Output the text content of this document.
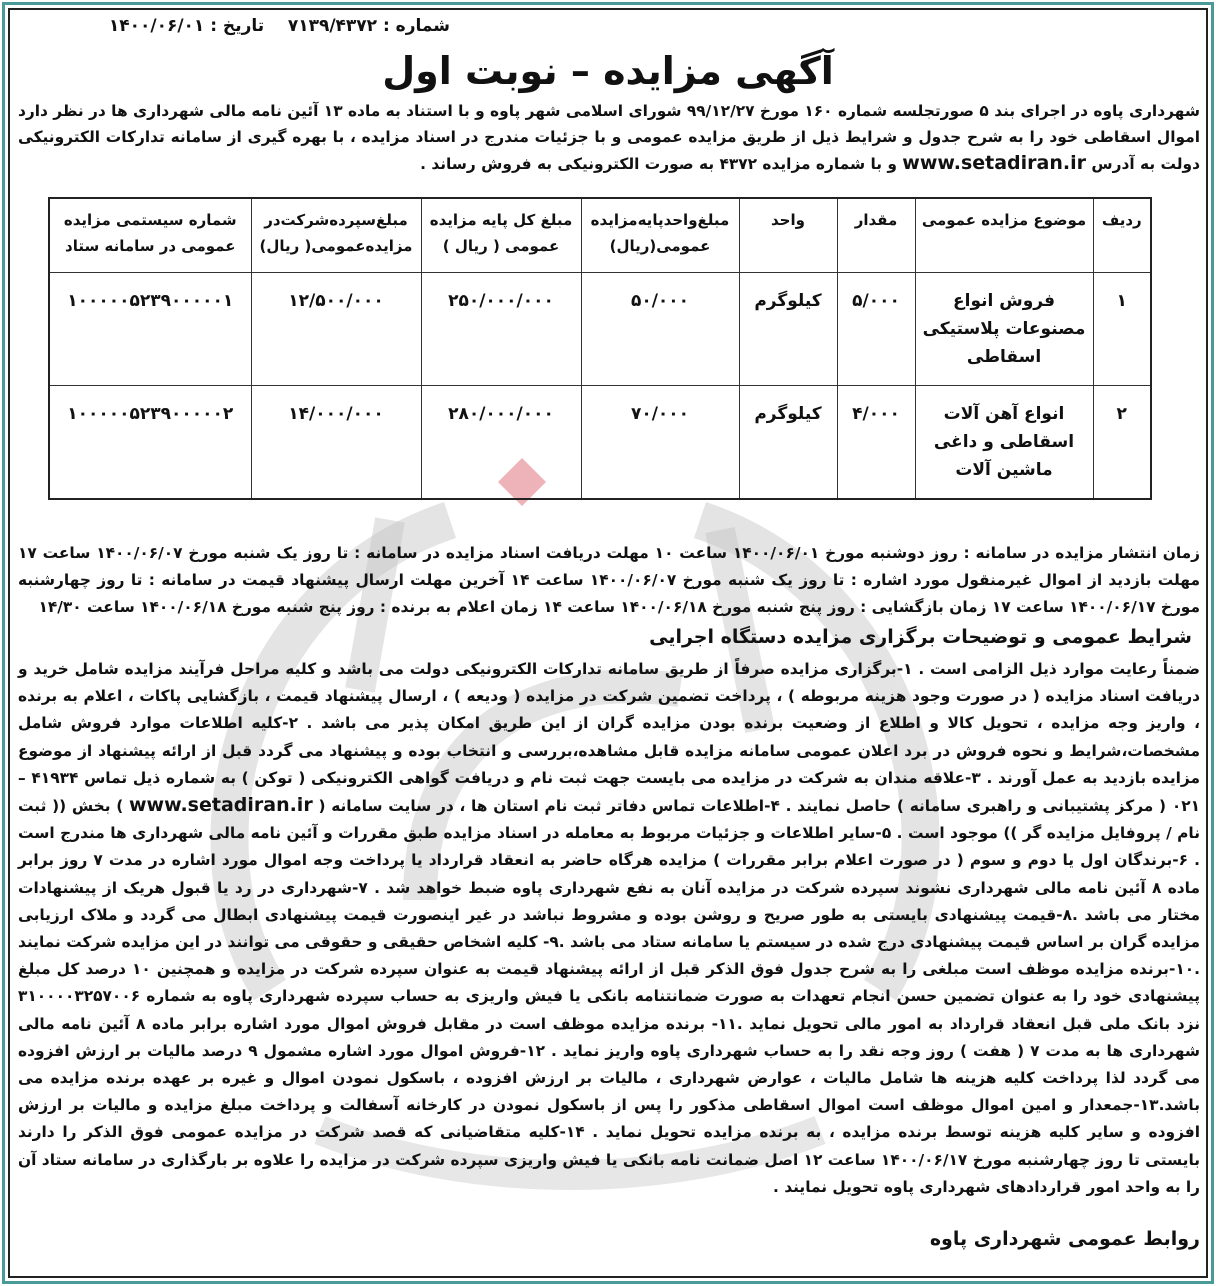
شماره : ۷۱۳۹/۴۳۷۲    تاریخ : ۱۴۰۰/۰۶/۰۱
آگهی مزایده – نوبت اول
شهرداری پاوه در اجرای بند ۵ صورتجلسه شماره ۱۶۰ مورخ ۹۹/۱۲/۲۷ شورای اسلامی شهر پاوه و با استناد به ماده ۱۳ آئین نامه مالی شهرداری ها در نظر دارد اموال اسقاطی خود را به شرح جدول و شرایط ذیل از طریق مزایده عمومی و با جزئیات مندرج در اسناد مزایده ، با بهره گیری از سامانه تدارکات الکترونیکی دولت به آدرس www.setadiran.ir و با شماره مزایده ۴۳۷۲ به صورت الکترونیکی به فروش رساند .
ردیف	موضوع مزایده عمومی	مقدار	واحد	مبلغ‌واحدپایه‌مزایده عمومی(ریال)	مبلغ کل پایه مزایده عمومی ( ریال )	مبلغ‌سپرده‌شرکت‌در مزایده‌عمومی( ریال)	شماره سیستمی مزایده عمومی در سامانه ستاد
۱	فروش انواع مصنوعات پلاستیکی اسقاطی	۵/۰۰۰	کیلوگرم	۵۰/۰۰۰	۲۵۰/۰۰۰/۰۰۰	۱۲/۵۰۰/۰۰۰	۱۰۰۰۰۰۵۲۳۹۰۰۰۰۰۱
۲	انواع آهن آلات اسقاطی و داغی ماشین آلات	۴/۰۰۰	کیلوگرم	۷۰/۰۰۰	۲۸۰/۰۰۰/۰۰۰	۱۴/۰۰۰/۰۰۰	۱۰۰۰۰۰۵۲۳۹۰۰۰۰۰۲
زمان انتشار مزایده در سامانه : روز دوشنبه مورخ ۱۴۰۰/۰۶/۰۱ ساعت ۱۰ مهلت دریافت اسناد مزایده در سامانه : تا روز یک شنبه مورخ ۱۴۰۰/۰۶/۰۷ ساعت ۱۷ مهلت بازدید از اموال غیرمنقول مورد اشاره : تا روز یک شنبه مورخ ۱۴۰۰/۰۶/۰۷ ساعت ۱۴ آخرین مهلت ارسال پیشنهاد قیمت در سامانه : تا روز چهارشنبه مورخ ۱۴۰۰/۰۶/۱۷ ساعت ۱۷ زمان بازگشایی : روز پنج شنبه مورخ ۱۴۰۰/۰۶/۱۸ ساعت ۱۴ زمان اعلام به برنده : روز پنج شنبه مورخ ۱۴۰۰/۰۶/۱۸ ساعت ۱۴/۳۰
شرایط عمومی و توضیحات برگزاری مزایده دستگاه اجرایی
ضمناً رعایت موارد ذیل الزامی است . ۱-برگزاری مزایده صرفاً از طریق سامانه تدارکات الکترونیکی دولت می باشد و کلیه مراحل فرآیند مزایده شامل خرید و دریافت اسناد مزایده ( در صورت وجود هزینه مربوطه ) ، پرداخت تضمین شرکت در مزایده ( ودیعه ) ، ارسال پیشنهاد قیمت ، بازگشایی پاکات ، اعلام به برنده ، واریز وجه مزایده ، تحویل کالا و اطلاع از وضعیت برنده بودن مزایده گران از این طریق امکان پذیر می باشد . ۲-کلیه اطلاعات موارد فروش شامل مشخصات،شرایط و نحوه فروش در برد اعلان عمومی سامانه مزایده قابل مشاهده،بررسی و انتخاب بوده و پیشنهاد می گردد قبل از ارائه پیشنهاد از موضوع مزایده بازدید به عمل آورند . ۳-علاقه مندان به شرکت در مزایده می بایست جهت ثبت نام و دریافت گواهی الکترونیکی ( توکن ) به شماره ذیل تماس ۴۱۹۳۴ – ۰۲۱ ( مرکز پشتیبانی و راهبری سامانه ) حاصل نمایند . ۴-اطلاعات تماس دفاتر ثبت نام استان ها ، در سایت سامانه ( www.setadiran.ir ) بخش (( ثبت نام / پروفایل مزایده گر )) موجود است . ۵-سایر اطلاعات و جزئیات مربوط به معامله در اسناد مزایده طبق مقررات و آئین نامه مالی شهرداری ها مندرج است . ۶-برندگان اول یا دوم و سوم ( در صورت اعلام برابر مقررات ) مزایده هرگاه حاضر به انعقاد قرارداد یا پرداخت وجه اموال مورد اشاره در مدت ۷ روز برابر ماده ۸ آئین نامه مالی شهرداری نشوند سپرده شرکت در مزایده آنان به نفع شهرداری پاوه ضبط خواهد شد . ۷-شهرداری در رد یا قبول هریک از پیشنهادات مختار می باشد .۸-قیمت پیشنهادی بایستی به طور صریح و روشن بوده و مشروط نباشد در غیر اینصورت قیمت پیشنهادی ابطال می گردد و ملاک ارزیابی مزایده گران بر اساس قیمت پیشنهادی درج شده در سیستم یا سامانه ستاد می باشد .۹- کلیه اشخاص حقیقی و حقوقی می توانند در این مزایده شرکت نمایند .۱۰-برنده مزایده موظف است مبلغی را به شرح جدول فوق الذکر قبل از ارائه پیشنهاد قیمت به عنوان سپرده شرکت در مزایده و همچنین ۱۰ درصد کل مبلغ پیشنهادی خود را به عنوان تضمین حسن انجام تعهدات به صورت ضمانتنامه بانکی یا فیش واریزی به حساب سپرده شهرداری پاوه به شماره ۳۱۰۰۰۰۳۲۵۷۰۰۶ نزد بانک ملی قبل انعقاد قرارداد به امور مالی تحویل نماید .۱۱- برنده مزایده موظف است در مقابل فروش اموال مورد اشاره برابر ماده ۸ آئین نامه مالی شهرداری ها به مدت ۷ ( هفت ) روز وجه نقد را به حساب شهرداری پاوه واریز نماید . ۱۲-فروش اموال مورد اشاره مشمول ۹ درصد مالیات بر ارزش افزوده می گردد لذا پرداخت کلیه هزینه ها شامل مالیات ، عوارض شهرداری ، مالیات بر ارزش افزوده ، باسکول نمودن اموال و غیره بر عهده برنده مزایده می باشد.۱۳-جمعدار و امین اموال موظف است اموال اسقاطی مذکور را پس از باسکول نمودن در کارخانه آسفالت و پرداخت مبلغ مزایده و مالیات بر ارزش افزوده و سایر کلیه هزینه توسط برنده مزایده ، به برنده مزایده تحویل نماید . ۱۴-کلیه متقاضیانی که قصد شرکت در مزایده عمومی فوق الذکر را دارند بایستی تا روز چهارشنبه مورخ ۱۴۰۰/۰۶/۱۷ ساعت ۱۲ اصل ضمانت نامه بانکی یا فیش واریزی سپرده شرکت در مزایده را علاوه بر بارگذاری در سامانه ستاد آن را به واحد امور قراردادهای شهرداری پاوه تحویل نمایند .
روابط عمومی شهرداری پاوه
